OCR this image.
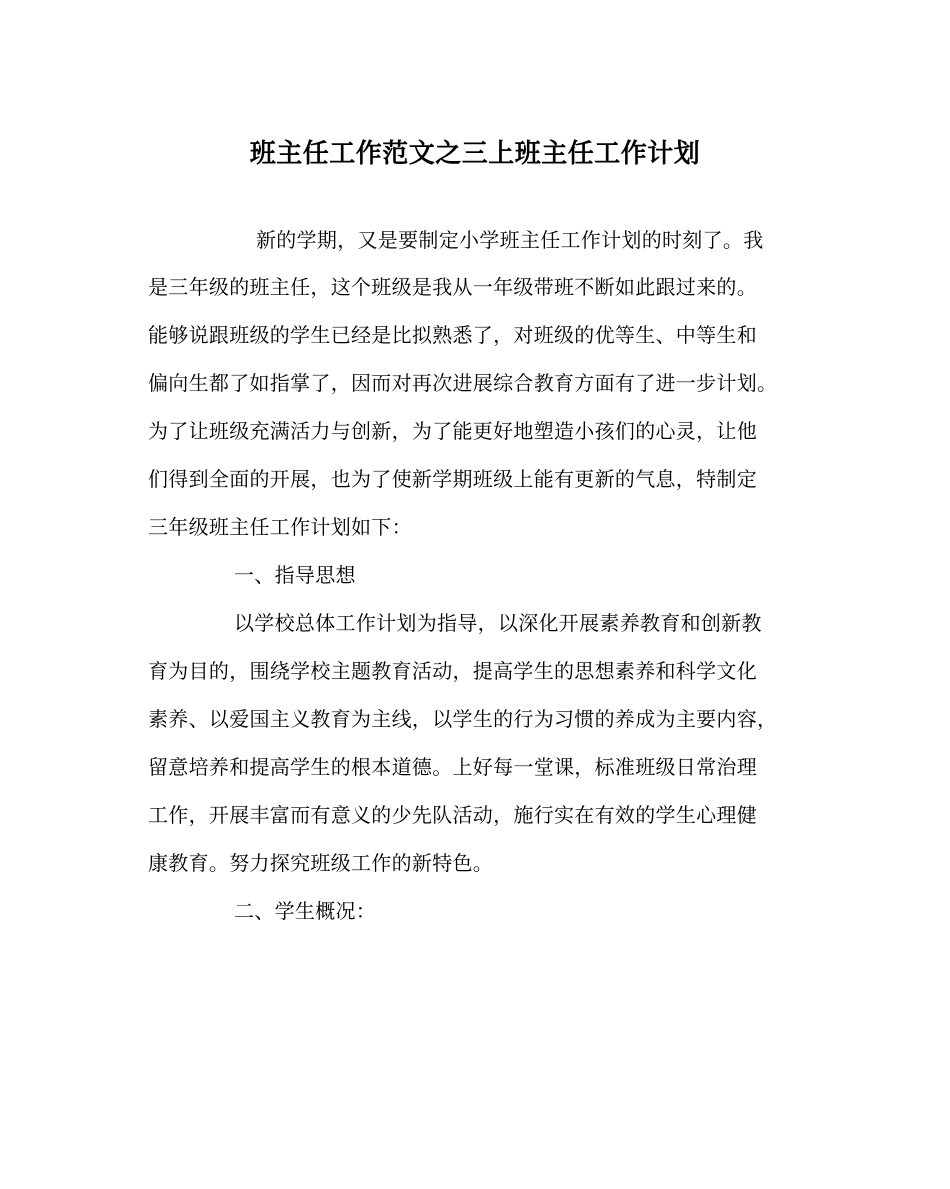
班主任工作范文之三上班主任工作计划
新的学期，又是要制定小学班主任工作计划的时刻了。我
是三年级的班主任，这个班级是我从一年级带班不断如此跟过来的。
能够说跟班级的学生已经是比拟熟悉了，对班级的优等生、中等生和
偏向生都了如指掌了，因而对再次进展综合教育方面有了进一步计划。
为了让班级充满活力与创新，为了能更好地塑造小孩们的心灵，让他
们得到全面的开展，也为了使新学期班级上能有更新的气息，特制定
三年级班主任工作计划如下：
一、指导思想
以学校总体工作计划为指导，以深化开展素养教育和创新教
育为目的，围绕学校主题教育活动，提高学生的思想素养和科学文化
素养、以爱国主义教育为主线，以学生的行为习惯的养成为主要内容，
留意培养和提高学生的根本道德。上好每一堂课，标准班级日常治理
工作，开展丰富而有意义的少先队活动，施行实在有效的学生心理健
康教育。努力探究班级工作的新特色。
二、学生概况：
